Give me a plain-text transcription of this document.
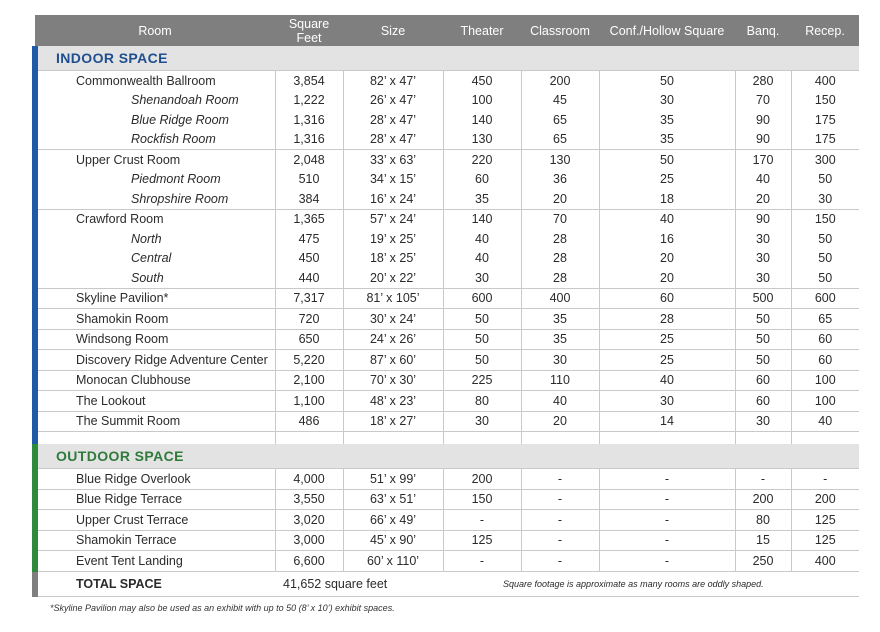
Room	Square Feet	Size	Theater	Classroom	Conf./Hollow Square	Banq.	Recep.
INDOOR SPACE							
Commonwealth Ballroom	3,854	82’ x 47’	450	200	50	280	400
Shenandoah Room	1,222	26’ x 47’	100	45	30	70	150
Blue Ridge Room	1,316	28’ x 47’	140	65	35	90	175
Rockfish Room	1,316	28’ x 47’	130	65	35	90	175
Upper Crust Room	2,048	33’ x 63’	220	130	50	170	300
Piedmont Room	510	34’ x 15’	60	36	25	40	50
Shropshire Room	384	16’ x 24’	35	20	18	20	30
Crawford Room	1,365	57’ x 24’	140	70	40	90	150
North	475	19’ x 25’	40	28	16	30	50
Central	450	18’ x 25’	40	28	20	30	50
South	440	20’ x 22’	30	28	20	30	50
Skyline Pavilion*	7,317	81’ x 105’	600	400	60	500	600
Shamokin Room	720	30’ x 24’	50	35	28	50	65
Windsong Room	650	24’ x 26’	50	35	25	50	60
Discovery Ridge Adventure Center	5,220	87’ x 60’	50	30	25	50	60
Monocan Clubhouse	2,100	70’ x 30’	225	110	40	60	100
The Lookout	1,100	48’ x 23’	80	40	30	60	100
The Summit Room	486	18’ x 27’	30	20	14	30	40

OUTDOOR SPACE							
Blue Ridge Overlook	4,000	51’ x 99’	200	-	-	-	-
Blue Ridge Terrace	3,550	63’ x 51’	150	-	-	200	200
Upper Crust Terrace	3,020	66’ x 49’	-	-	-	80	125
Shamokin Terrace	3,000	45’ x 90’	125	-	-	15	125
Event Tent Landing	6,600	60’ x 110’	-	-	-	250	400
TOTAL SPACE	41,652 square feet		Square footage is approximate as many rooms are oddly shaped.				
*Skyline Pavilion may also be used as an exhibit with up to 50 (8’ x 10’) exhibit spaces.
